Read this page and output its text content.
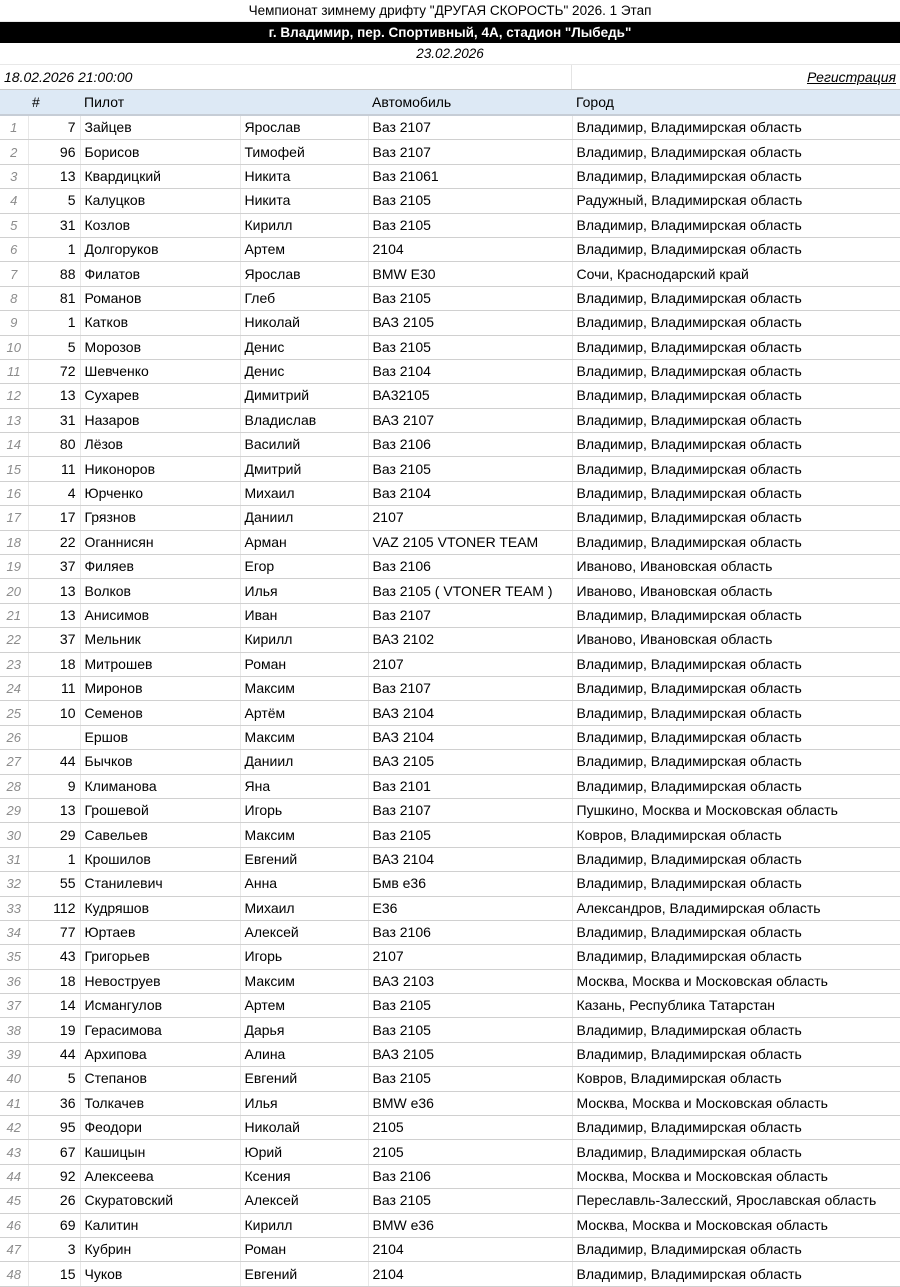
Чемпионат зимнему дрифту "ДРУГАЯ СКОРОСТЬ" 2026. 1 Этап
г. Владимир, пер. Спортивный, 4А, стадион "Лыбедь"
23.02.2026
18.02.2026 21:00:00	Регистрация
	#	Пилот		Автомобиль	Город
1	7	Зайцев	Ярослав	Ваз 2107	Владимир, Владимирская область
2	96	Борисов	Тимофей	Ваз 2107	Владимир, Владимирская область
3	13	Квардицкий	Никита	Ваз 21061	Владимир, Владимирская область
4	5	Калуцков	Никита	Ваз 2105	Радужный, Владимирская область
5	31	Козлов	Кирилл	Ваз 2105	Владимир, Владимирская область
6	1	Долгоруков	Артем	2104	Владимир, Владимирская область
7	88	Филатов	Ярослав	BMW E30	Сочи, Краснодарский край
8	81	Романов	Глеб	Ваз 2105	Владимир, Владимирская область
9	1	Катков	Николай	ВАЗ 2105	Владимир, Владимирская область
10	5	Морозов	Денис	Ваз 2105	Владимир, Владимирская область
11	72	Шевченко	Денис	Ваз 2104	Владимир, Владимирская область
12	13	Сухарев	Димитрий	ВА32105	Владимир, Владимирская область
13	31	Назаров	Владислав	ВАЗ 2107	Владимир, Владимирская область
14	80	Лёзов	Василий	Ваз 2106	Владимир, Владимирская область
15	11	Никоноров	Дмитрий	Ваз 2105	Владимир, Владимирская область
16	4	Юрченко	Михаил	Ваз 2104	Владимир, Владимирская область
17	17	Грязнов	Даниил	2107	Владимир, Владимирская область
18	22	Оганнисян	Арман	VAZ 2105 VTONER TEAM	Владимир, Владимирская область
19	37	Филяев	Егор	Ваз 2106	Иваново, Ивановская область
20	13	Волков	Илья	Ваз 2105 ( VTONER TEAM )	Иваново, Ивановская область
21	13	Анисимов	Иван	Ваз 2107	Владимир, Владимирская область
22	37	Мельник	Кирилл	ВАЗ 2102	Иваново, Ивановская область
23	18	Митрошев	Роман	2107	Владимир, Владимирская область
24	11	Миронов	Максим	Ваз 2107	Владимир, Владимирская область
25	10	Семенов	Артём	ВАЗ 2104	Владимир, Владимирская область
26		Ершов	Максим	ВАЗ 2104	Владимир, Владимирская область
27	44	Бычков	Даниил	ВАЗ 2105	Владимир, Владимирская область
28	9	Климанова	Яна	Ваз 2101	Владимир, Владимирская область
29	13	Грошевой	Игорь	Ваз 2107	Пушкино, Москва и Московская область
30	29	Савельев	Максим	Ваз 2105	Ковров, Владимирская область
31	1	Крошилов	Евгений	ВАЗ 2104	Владимир, Владимирская область
32	55	Станилевич	Анна	Бмв е36	Владимир, Владимирская область
33	112	Кудряшов	Михаил	Е36	Александров, Владимирская область
34	77	Юртаев	Алексей	Ваз 2106	Владимир, Владимирская область
35	43	Григорьев	Игорь	2107	Владимир, Владимирская область
36	18	Невоструев	Максим	ВАЗ 2103	Москва, Москва и Московская область
37	14	Исмангулов	Артем	Ваз 2105	Казань, Республика Татарстан
38	19	Герасимова	Дарья	Ваз 2105	Владимир, Владимирская область
39	44	Архипова	Алина	ВАЗ 2105	Владимир, Владимирская область
40	5	Степанов	Евгений	Ваз 2105	Ковров, Владимирская область
41	36	Толкачев	Илья	BMW e36	Москва, Москва и Московская область
42	95	Феодори	Николай	2105	Владимир, Владимирская область
43	67	Кашицын	Юрий	2105	Владимир, Владимирская область
44	92	Алексеева	Ксения	Ваз 2106	Москва, Москва и Московская область
45	26	Скуратовский	Алексей	Ваз 2105	Переславль-Залесский, Ярославская область
46	69	Калитин	Кирилл	BMW e36	Москва, Москва и Московская область
47	3	Кубрин	Роман	2104	Владимир, Владимирская область
48	15	Чуков	Евгений	2104	Владимир, Владимирская область
